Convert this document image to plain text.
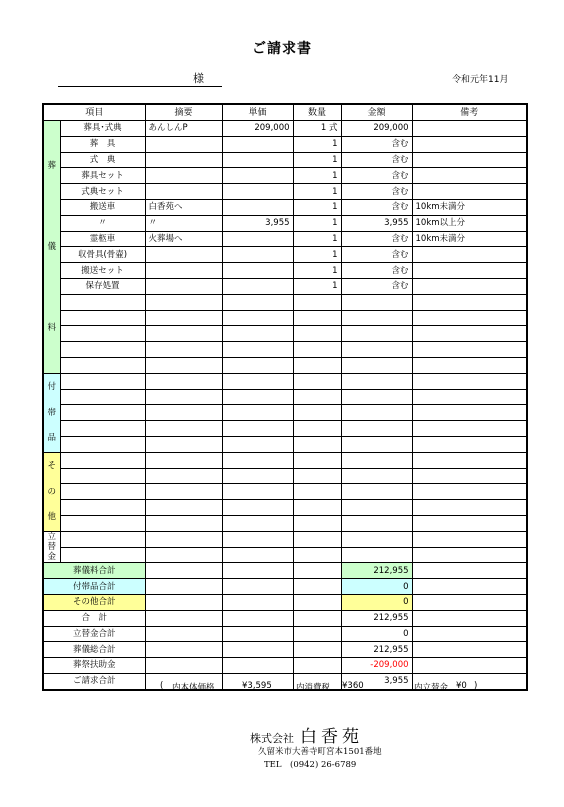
ご請求書
様	令和元年11月
項目		摘要	単価	数量	金額	備考

葬
儀
料	葬具･式典	あんしんP	209,000	1 式	209,000	
	葬　具			1	含む	
	式　典			1	含む	
	葬具セット			1	含む	
	式典セット			1	含む	
	搬送車	白香苑へ		1	含む	10km未満分
	〃	〃	3,955	1	3,955	10km以上分
	霊柩車	火葬場へ		1	含む	10km未満分
	収骨具(骨壷)			1	含む	
	搬送セット			1	含む	
	保存処置			1	含む	

付
帯
品						

そ
の
他						

立
替
金						

葬儀料合計					212,955	
付帯品合計					0	
その他合計					0	
合　計					212,955	
立替金合計					0	
葬儀総合計					212,955	
葬祭扶助金					-209,000	
ご請求合計					3,955	
( 内本体価格	¥3,595	内消費税 ¥360	内立替金 ¥0 )
株式会社 白香苑
久留米市大善寺町宮本1501番地
TEL　(0942) 26-6789
